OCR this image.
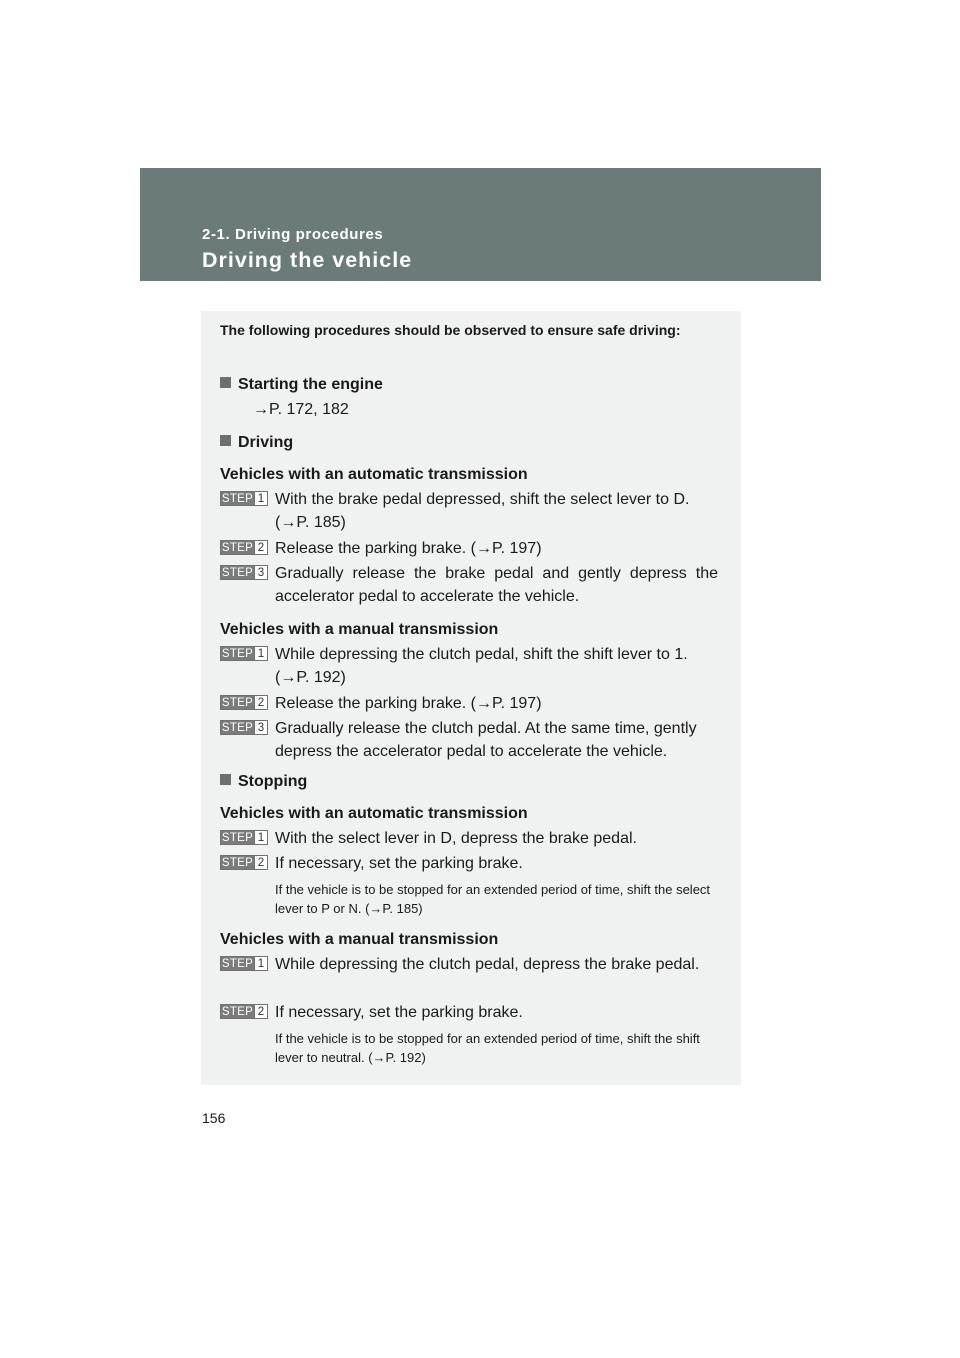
2-1. Driving procedures
Driving the vehicle

The following procedures should be observed to ensure safe driving:

Starting the engine
→P. 172, 182
Driving
Vehicles with an automatic transmission
STEP 1 With the brake pedal depressed, shift the select lever to D. (→P. 185)
STEP 2 Release the parking brake. (→P. 197)
STEP 3 Gradually release the brake pedal and gently depress the accelerator pedal to accelerate the vehicle.
Vehicles with a manual transmission
STEP 1 While depressing the clutch pedal, shift the shift lever to 1. (→P. 192)
STEP 2 Release the parking brake. (→P. 197)
STEP 3 Gradually release the clutch pedal. At the same time, gently depress the accelerator pedal to accelerate the vehicle.
Stopping
Vehicles with an automatic transmission
STEP 1 With the select lever in D, depress the brake pedal.
STEP 2 If necessary, set the parking brake.

If the vehicle is to be stopped for an extended period of time, shift the select lever to P or N. (→P. 185)

Vehicles with a manual transmission
STEP 1 While depressing the clutch pedal, depress the brake pedal.
STEP 2 If necessary, set the parking brake.

If the vehicle is to be stopped for an extended period of time, shift the shift lever to neutral. (→P. 192)

156
